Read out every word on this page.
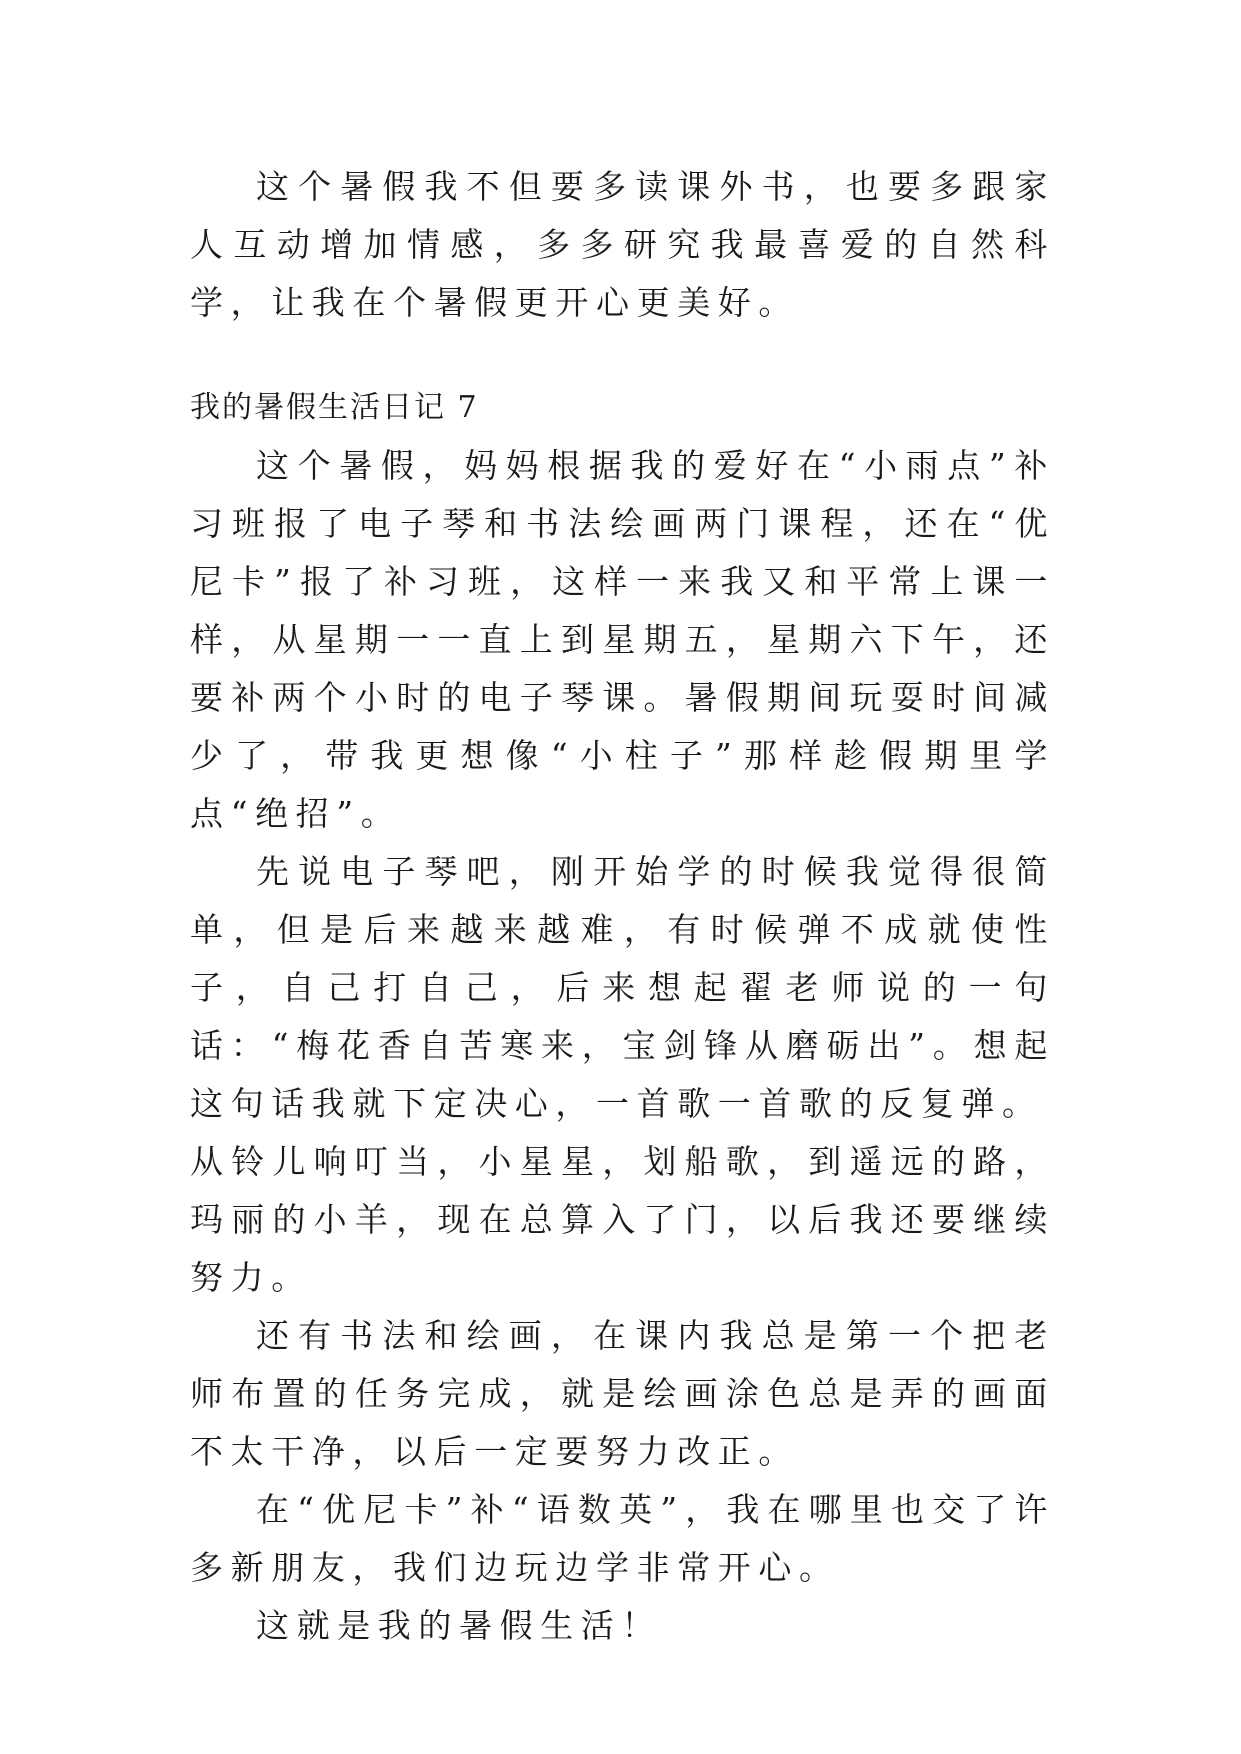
这个暑假我不但要多读课外书，也要多跟家人互动增加情感，多多研究我最喜爱的自然科学，让我在个暑假更开心更美好。

我的暑假生活日记 7

这个暑假，妈妈根据我的爱好在“小雨点”补习班报了电子琴和书法绘画两门课程，还在“优尼卡”报了补习班，这样一来我又和平常上课一样，从星期一一直上到星期五，星期六下午，还要补两个小时的电子琴课。暑假期间玩耍时间减少了，带我更想像“小柱子”那样趁假期里学点“绝招”。

先说电子琴吧，刚开始学的时候我觉得很简单，但是后来越来越难，有时候弹不成就使性子，自己打自己，后来想起翟老师说的一句话：“梅花香自苦寒来，宝剑锋从磨砺出”。想起这句话我就下定决心，一首歌一首歌的反复弹。

从铃儿响叮当，小星星，划船歌，到遥远的路，玛丽的小羊，现在总算入了门，以后我还要继续努力。

还有书法和绘画，在课内我总是第一个把老师布置的任务完成，就是绘画涂色总是弄的画面不太干净，以后一定要努力改正。

在“优尼卡”补“语数英”，我在哪里也交了许多新朋友，我们边玩边学非常开心。

这就是我的暑假生活！
